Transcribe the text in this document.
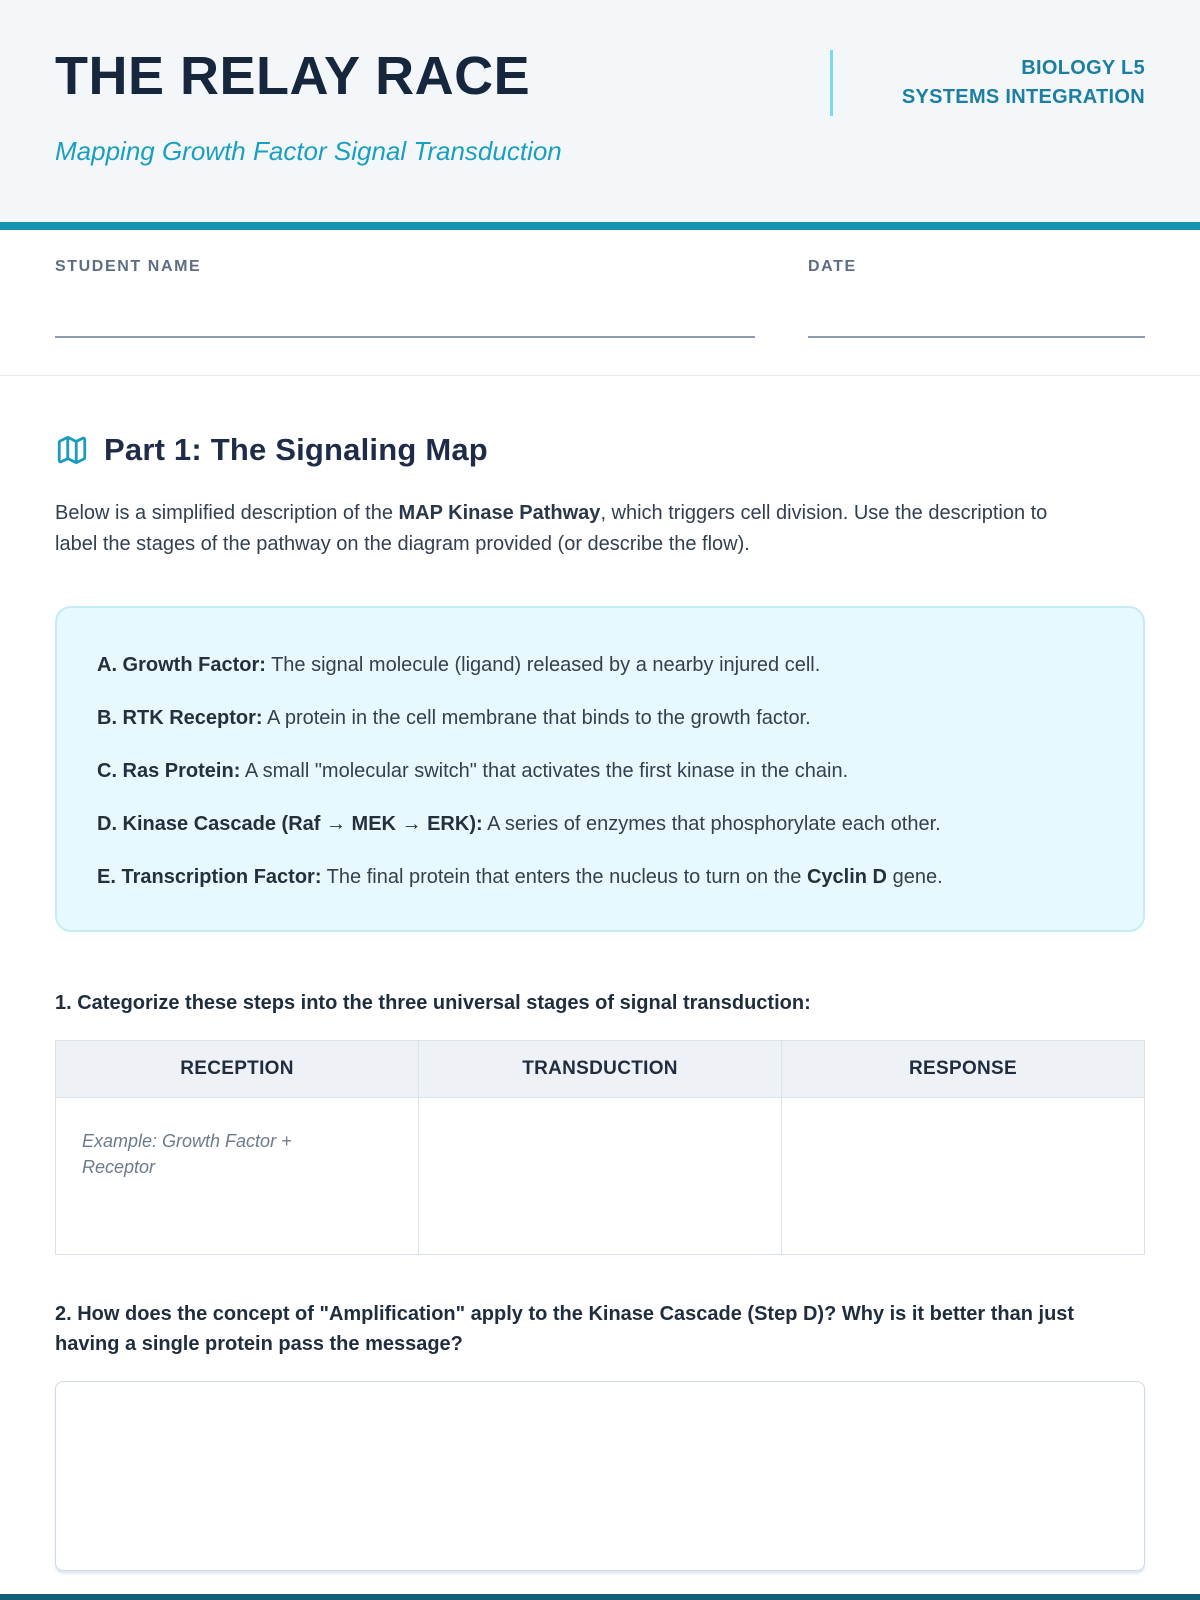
THE RELAY RACE	BIOLOGY L5
SYSTEMS INTEGRATION
Mapping Growth Factor Signal Transduction
STUDENT NAME	DATE
Part 1: The Signaling Map

Below is a simplified description of the MAP Kinase Pathway, which triggers cell division. Use the description to label the stages of the pathway on the diagram provided (or describe the flow).

A. Growth Factor: The signal molecule (ligand) released by a nearby injured cell.
B. RTK Receptor: A protein in the cell membrane that binds to the growth factor.
C. Ras Protein: A small "molecular switch" that activates the first kinase in the chain.
D. Kinase Cascade (Raf → MEK → ERK): A series of enzymes that phosphorylate each other.
E. Transcription Factor: The final protein that enters the nucleus to turn on the Cyclin D gene.

1. Categorize these steps into the three universal stages of signal transduction:

RECEPTION	TRANSDUCTION	RESPONSE
Example: Growth Factor + Receptor		

2. How does the concept of "Amplification" apply to the Kinase Cascade (Step D)? Why is it better than just having a single protein pass the message?
